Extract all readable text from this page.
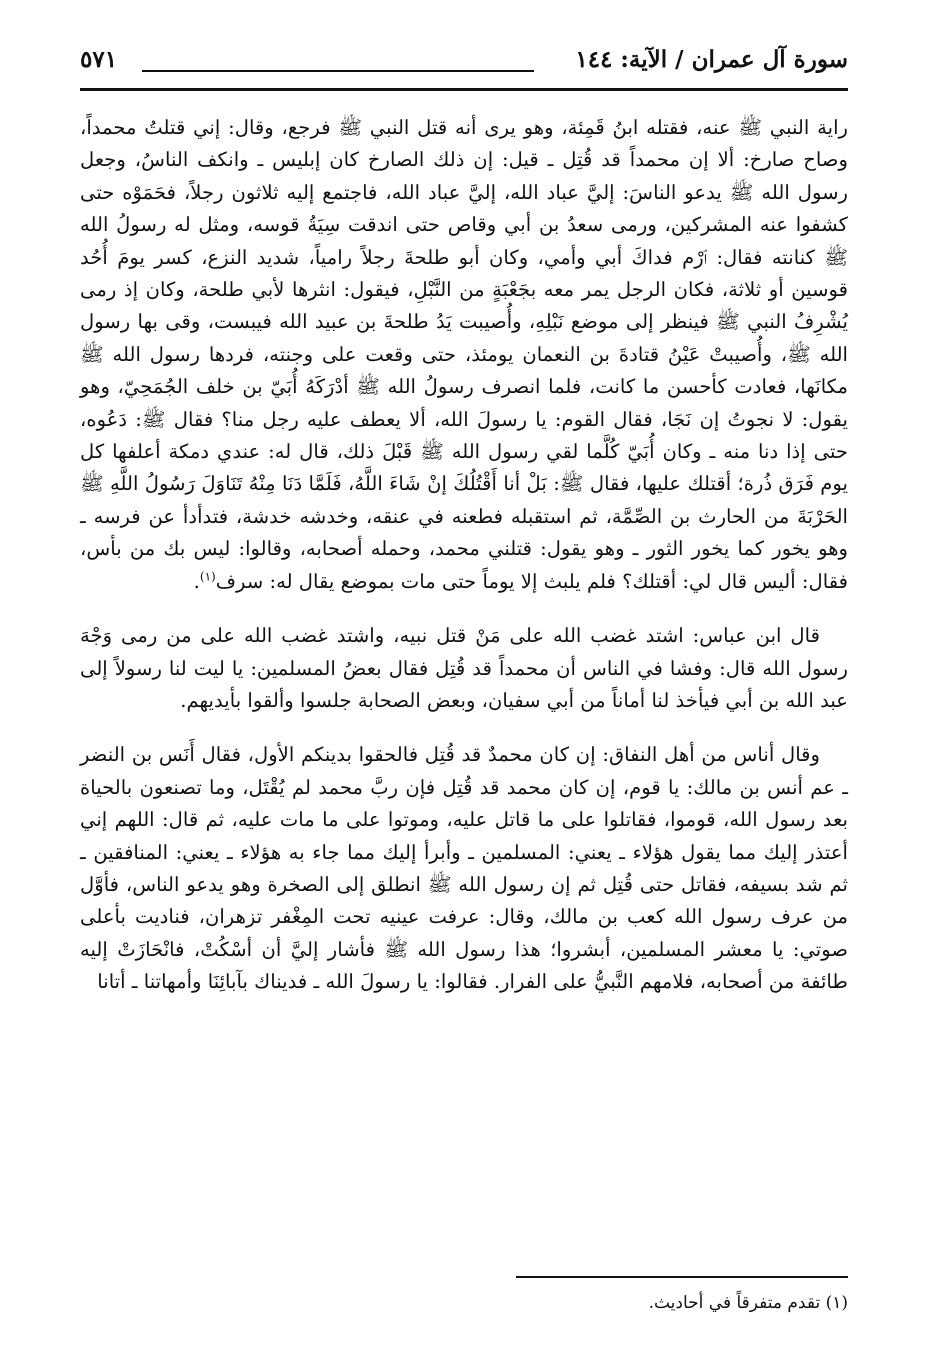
سورة آل عمران / الآية: ١٤٤
٥٧١

راية النبي ﷺ عنه، فقتله ابنُ قَمِئة، وهو يرى أنه قتل النبي ﷺ فرجع، وقال: إني قتلتُ محمداً، وصاح صارخ: ألا إن محمداً قد قُتِل ـ قيل: إن ذلك الصارخ كان إبليس ـ وانكف الناسُ، وجعل رسول الله ﷺ يدعو الناسَ: إليَّ عباد الله، إليَّ عباد الله، فاجتمع إليه ثلاثون رجلاً، فحَمَوْه حتى كشفوا عنه المشركين، ورمى سعدُ بن أبي وقاص حتى اندقت سِيَةُ قوسه، ومثل له رسولُ الله ﷺ كنانته فقال: ٱرْم فداكَ أبي وأمي، وكان أبو طلحةَ رجلاً رامياً، شديد النزع، كسر يومَ أُحُد قوسين أو ثلاثة، فكان الرجل يمر معه بجَعْبَةٍ من النَّبْلِ، فيقول: انثرها لأبي طلحة، وكان إذ رمى يُشْرِفُ النبي ﷺ فينظر إلى موضع نَبْلِهِ، وأُصيبت يَدُ طلحةَ بن عبيد الله فيبست، وقى بها رسول الله ﷺ، وأُصيبتْ عَيْنُ قتادةَ بن النعمان يومئذ، حتى وقعت على وجنته، فردها رسول الله ﷺ مكانَها، فعادت كأحسن ما كانت، فلما انصرف رسولُ الله ﷺ أدْرَكَهُ أُبَيّ بن خلف الجُمَحِيّ، وهو يقول: لا نجوتُ إن نَجَا، فقال القوم: يا رسولَ الله، ألا يعطف عليه رجل منا؟ فقال ﷺ: دَعُوه، حتى إذا دنا منه ـ وكان أُبَيّ كُلَّما لقي رسول الله ﷺ قَبْلَ ذلك، قال له: عندي دمكة أعلفها كل يوم فَرَق ذُرة؛ أقتلك عليها، فقال ﷺ: بَلْ أنا أَقْتُلُكَ إنْ شَاءَ اللَّهُ، فَلَمَّا دَنَا مِنْهُ تَنَاوَلَ رَسُولُ اللَّهِ ﷺ الحَرْبَةَ من الحارث بن الصِّمَّة، ثم استقبله فطعنه في عنقه، وخدشه خدشة، فتدأدأ عن فرسه ـ وهو يخور كما يخور الثور ـ وهو يقول: قتلني محمد، وحمله أصحابه، وقالوا: ليس بك من بأس، فقال: أليس قال لي: أقتلك؟ فلم يلبث إلا يوماً حتى مات بموضع يقال له: سرف$^{(١)}$.

قال ابن عباس: اشتد غضب الله على مَنْ قتل نبيه، واشتد غضب الله على من رمى وَجْهَ رسول الله قال: وفشا في الناس أن محمداً قد قُتِل فقال بعضُ المسلمين: يا ليت لنا رسولاً إلى عبد الله بن أبي فيأخذ لنا أماناً من أبي سفيان، وبعض الصحابة جلسوا وألقوا بأيديهم.

وقال أناس من أهل النفاق: إن كان محمدٌ قد قُتِل فالحقوا بدينكم الأول، فقال أَنَس بن النضر ـ عم أنس بن مالك: يا قوم، إن كان محمد قد قُتِل فإن ربَّ محمد لم يُقْتَل، وما تصنعون بالحياة بعد رسول الله، قوموا، فقاتلوا على ما قاتل عليه، وموتوا على ما مات عليه، ثم قال: اللهم إني أعتذر إليك مما يقول هؤلاء ـ يعني: المسلمين ـ وأبرأ إليك مما جاء به هؤلاء ـ يعني: المنافقين ـ ثم شد بسيفه، فقاتل حتى قُتِل ثم إن رسول الله ﷺ انطلق إلى الصخرة وهو يدعو الناس، فأوَّل من عرف رسول الله كعب بن مالك، وقال: عرفت عينيه تحت المِغْفر تزهران، فناديت بأعلى صوتي: يا معشر المسلمين، أبشروا؛ هذا رسول الله ﷺ فأشار إليَّ أن أسْكُتْ، فانْحَازَتْ إليه طائفة من أصحابه، فلامهم النَّبيُّ على الفرار. فقالوا: يا رسولَ الله ـ فديناك بآبائِنَا وأمهاتنا ـ أتانا

(١) تقدم متفرقاً في أحاديث.
